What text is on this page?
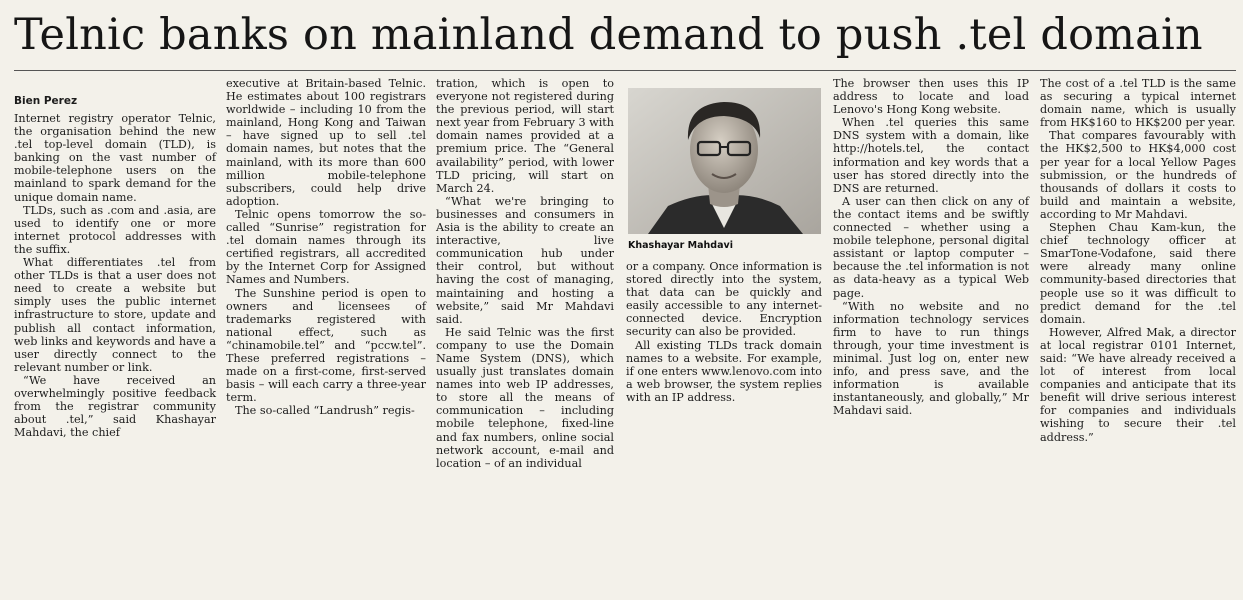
Telnic banks on mainland demand to push .tel domain
Bien Perez

Internet registry operator Telnic, the organisation behind the new .tel top-level domain (TLD), is banking on the vast number of mobile-telephone users on the mainland to spark demand for the unique domain name.

TLDs, such as .com and .asia, are used to identify one or more internet protocol addresses with the suffix.

What differentiates .tel from other TLDs is that a user does not need to create a website but simply uses the public internet infrastructure to store, update and publish all contact information, web links and keywords and have a user directly connect to the relevant number or link.

“We have received an overwhelmingly positive feedback from the registrar community about .tel,” said Khashayar Mahdavi, the chief

executive at Britain-based Telnic. He estimates about 100 registrars worldwide – including 10 from the mainland, Hong Kong and Taiwan – have signed up to sell .tel domain names, but notes that the mainland, with its more than 600 million mobile-telephone subscribers, could help drive adoption.

Telnic opens tomorrow the so-called “Sunrise” registration for .tel domain names through its certified registrars, all accredited by the Internet Corp for Assigned Names and Numbers.

The Sunshine period is open to owners and licensees of trademarks registered with national effect, such as “chinamobile.tel” and “pccw.tel”. These preferred registrations – made on a first-come, first-served basis – will each carry a three-year term.

The so-called “Landrush” regis-

tration, which is open to everyone not registered during the previous period, will start next year from February 3 with domain names provided at a premium price. The “General availability” period, with lower TLD pricing, will start on March 24.

“What we're bringing to businesses and consumers in Asia is the ability to create an interactive, live communication hub under their control, but without having the cost of managing, maintaining and hosting a website,” said Mr Mahdavi said.

He said Telnic was the first company to use the Domain Name System (DNS), which usually just translates domain names into web IP addresses, to store all the means of communication – including mobile telephone, fixed-line and fax numbers, online social network account, e-mail and location – of an individual

Khashayar Mahdavi

or a company. Once information is stored directly into the system, that data can be quickly and easily accessible to any internet-connected device. Encryption security can also be provided.

All existing TLDs track domain names to a website. For example, if one enters www.lenovo.com into a web browser, the system replies with an IP address.

The browser then uses this IP address to locate and load Lenovo's Hong Kong website.

When .tel queries this same DNS system with a domain, like http://hotels.tel, the contact information and key words that a user has stored directly into the DNS are returned.

A user can then click on any of the contact items and be swiftly connected – whether using a mobile telephone, personal digital assistant or laptop computer – because the .tel information is not as data-heavy as a typical Web page.

“With no website and no information technology services firm to have to run things through, your time investment is minimal. Just log on, enter new info, and press save, and the information is available instantaneously, and globally,” Mr Mahdavi said.

The cost of a .tel TLD is the same as securing a typical internet domain name, which is usually from HK$160 to HK$200 per year.

That compares favourably with the HK$2,500 to HK$4,000 cost per year for a local Yellow Pages submission, or the hundreds of thousands of dollars it costs to build and maintain a website, according to Mr Mahdavi.

Stephen Chau Kam-kun, the chief technology officer at SmarTone-Vodafone, said there were already many online community-based directories that people use so it was difficult to predict demand for the .tel domain.

However, Alfred Mak, a director at local registrar 0101 Internet, said: “We have already received a lot of interest from local companies and anticipate that its benefit will drive serious interest for companies and individuals wishing to secure their .tel address.”
